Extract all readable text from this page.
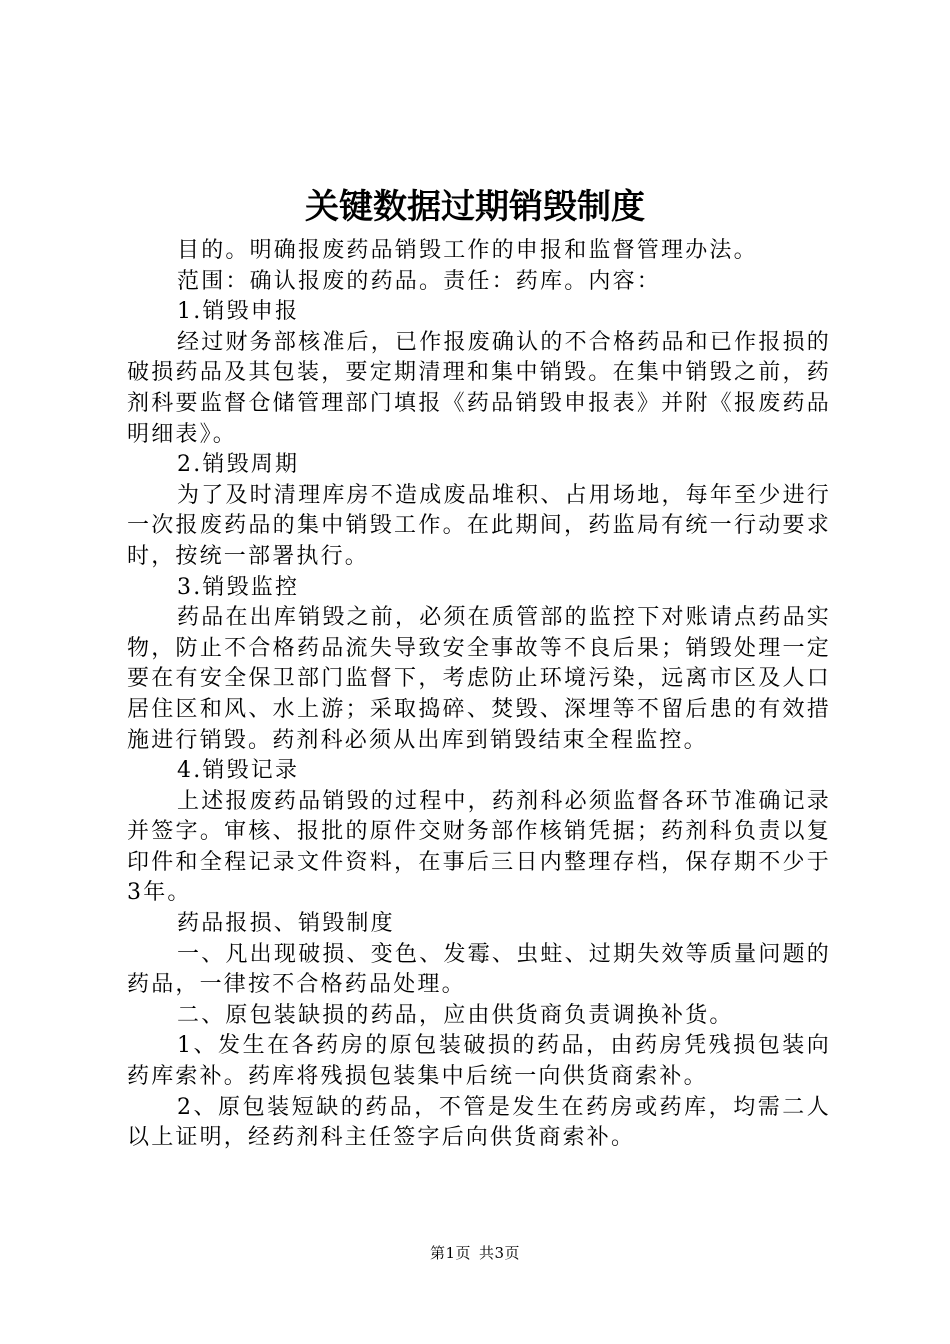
关键数据过期销毁制度

目的。明确报废药品销毁工作的申报和监督管理办法。

范围：确认报废的药品。责任：药库。内容：

1.销毁申报

经过财务部核准后，已作报废确认的不合格药品和已作报损的破损药品及其包装，要定期清理和集中销毁。在集中销毁之前，药剂科要监督仓储管理部门填报《药品销毁申报表》并附《报废药品明细表》。

2.销毁周期

为了及时清理库房不造成废品堆积、占用场地，每年至少进行一次报废药品的集中销毁工作。在此期间，药监局有统一行动要求时，按统一部署执行。

3.销毁监控

药品在出库销毁之前，必须在质管部的监控下对账请点药品实物，防止不合格药品流失导致安全事故等不良后果；销毁处理一定要在有安全保卫部门监督下，考虑防止环境污染，远离市区及人口居住区和风、水上游；采取捣碎、焚毁、深埋等不留后患的有效措施进行销毁。药剂科必须从出库到销毁结束全程监控。

4.销毁记录

上述报废药品销毁的过程中，药剂科必须监督各环节准确记录并签字。审核、报批的原件交财务部作核销凭据；药剂科负责以复印件和全程记录文件资料，在事后三日内整理存档，保存期不少于3年。

药品报损、销毁制度

一、凡出现破损、变色、发霉、虫蛀、过期失效等质量问题的药品，一律按不合格药品处理。

二、原包装缺损的药品，应由供货商负责调换补货。

1、发生在各药房的原包装破损的药品，由药房凭残损包装向药库索补。药库将残损包装集中后统一向供货商索补。

2、原包装短缺的药品，不管是发生在药房或药库，均需二人以上证明，经药剂科主任签字后向供货商索补。

第1页 共3页
